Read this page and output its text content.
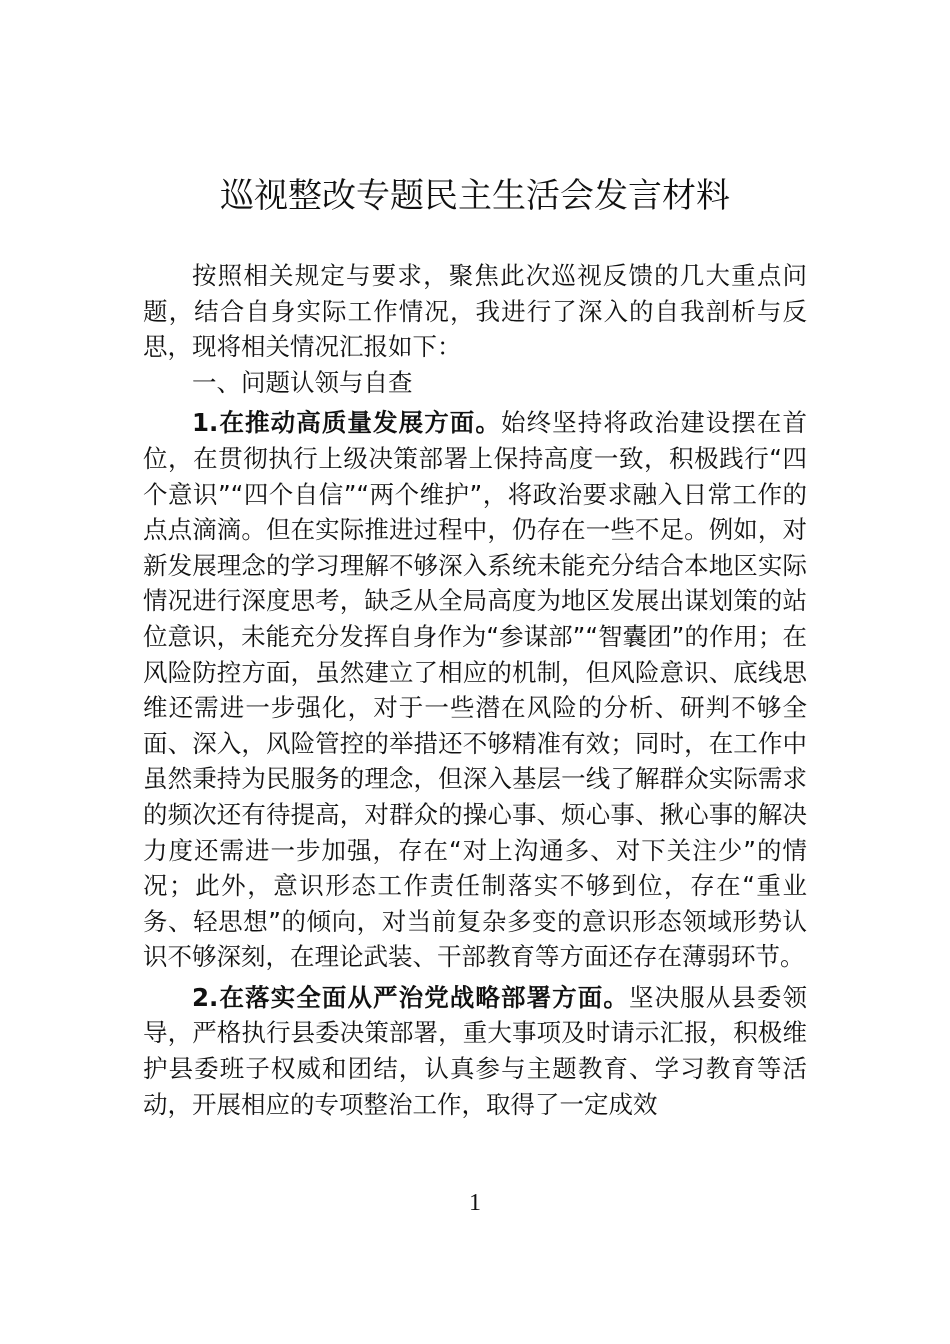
巡视整改专题民主生活会发言材料

按照相关规定与要求，聚焦此次巡视反馈的几大重点问题，结合自身实际工作情况，我进行了深入的自我剖析与反思，现将相关情况汇报如下：

一、问题认领与自查

1.在推动高质量发展方面。始终坚持将政治建设摆在首位，在贯彻执行上级决策部署上保持高度一致，积极践行“四个意识”“四个自信”“两个维护”，将政治要求融入日常工作的点点滴滴。但在实际推进过程中，仍存在一些不足。例如，对新发展理念的学习理解不够深入系统未能充分结合本地区实际情况进行深度思考，缺乏从全局高度为地区发展出谋划策的站位意识，未能充分发挥自身作为“参谋部”“智囊团”的作用；在风险防控方面，虽然建立了相应的机制，但风险意识、底线思维还需进一步强化，对于一些潜在风险的分析、研判不够全面、深入，风险管控的举措还不够精准有效；同时，在工作中虽然秉持为民服务的理念，但深入基层一线了解群众实际需求的频次还有待提高，对群众的操心事、烦心事、揪心事的解决力度还需进一步加强，存在“对上沟通多、对下关注少”的情况；此外，意识形态工作责任制落实不够到位，存在“重业务、轻思想”的倾向，对当前复杂多变的意识形态领域形势认识不够深刻，在理论武装、干部教育等方面还存在薄弱环节。

2.在落实全面从严治党战略部署方面。坚决服从县委领导，严格执行县委决策部署，重大事项及时请示汇报，积极维护县委班子权威和团结，认真参与主题教育、学习教育等活动，开展相应的专项整治工作，取得了一定成效

1
